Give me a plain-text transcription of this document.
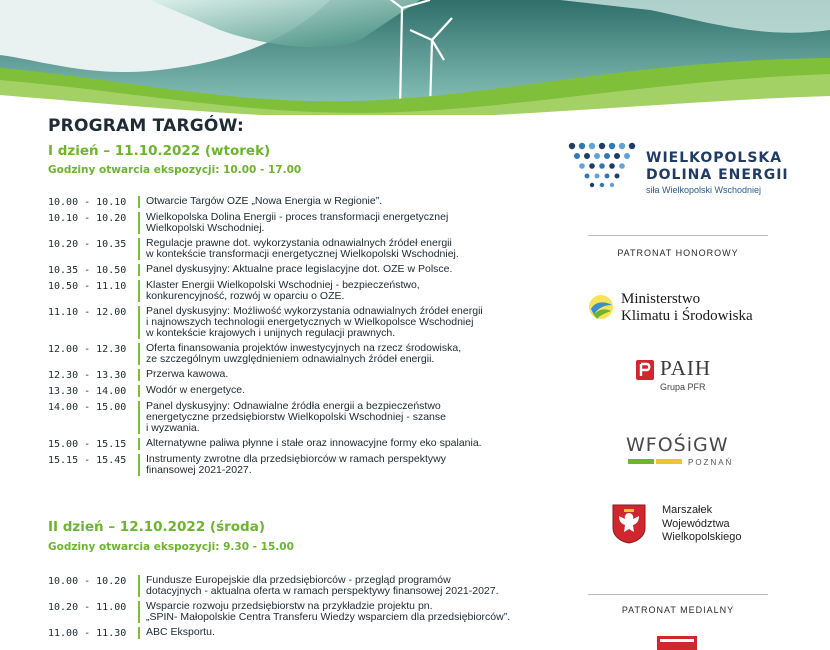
PROGRAM TARGÓW:
I dzień – 11.10.2022 (wtorek)
Godziny otwarcia ekspozycji: 10.00 - 17.00
10.00 - 10.10	Otwarcie Targów OZE „Nowa Energia w Regionie”.
10.10 - 10.20	Wielkopolska Dolina Energii - proces transformacji energetycznej
Wielkopolski Wschodniej.
10.20 - 10.35	Regulacje prawne dot. wykorzystania odnawialnych źródeł energii
w kontekście transformacji energetycznej Wielkopolski Wschodniej.
10.35 - 10.50	Panel dyskusyjny: Aktualne prace legislacyjne dot. OZE w Polsce.
10.50 - 11.10	Klaster Energii Wielkopolski Wschodniej - bezpieczeństwo,
konkurencyjność, rozwój w oparciu o OZE.
11.10 - 12.00	Panel dyskusyjny: Możliwość wykorzystania odnawialnych źródeł energii
i najnowszych technologii energetycznych w Wielkopolsce Wschodniej
w kontekście krajowych i unijnych regulacji prawnych.
12.00 - 12.30	Oferta finansowania projektów inwestycyjnych na rzecz środowiska,
ze szczególnym uwzględnieniem odnawialnych źródeł energii.
12.30 - 13.30	Przerwa kawowa.
13.30 - 14.00	Wodór w energetyce.
14.00 - 15.00	Panel dyskusyjny: Odnawialne źródła energii a bezpieczeństwo
energetyczne przedsiębiorstw Wielkopolski Wschodniej - szanse
i wyzwania.
15.00 - 15.15	Alternatywne paliwa płynne i stałe oraz innowacyjne formy eko spalania.
15.15 - 15.45	Instrumenty zwrotne dla przedsiębiorców w ramach perspektywy
finansowej 2021-2027.
II dzień – 12.10.2022 (środa)
Godziny otwarcia ekspozycji: 9.30 - 15.00
10.00 - 10.20	Fundusze Europejskie dla przedsiębiorców - przegląd programów
dotacyjnych - aktualna oferta w ramach perspektywy finansowej 2021-2027.
10.20 - 11.00	Wsparcie rozwoju przedsiębiorstw na przykładzie projektu pn.
„SPIN- Małopolskie Centra Transferu Wiedzy wsparciem dla przedsiębiorców”.
11.00 - 11.30	ABC Eksportu.
WIELKOPOLSKA
DOLINA ENERGII
siła Wielkopolski Wschodniej
PATRONAT HONOROWY
Ministerstwo
Klimatu i Środowiska
PAIH
Grupa PFR
WFOŚiGW
POZNAŃ
Marszałek
Województwa
Wielkopolskiego
PATRONAT MEDIALNY
